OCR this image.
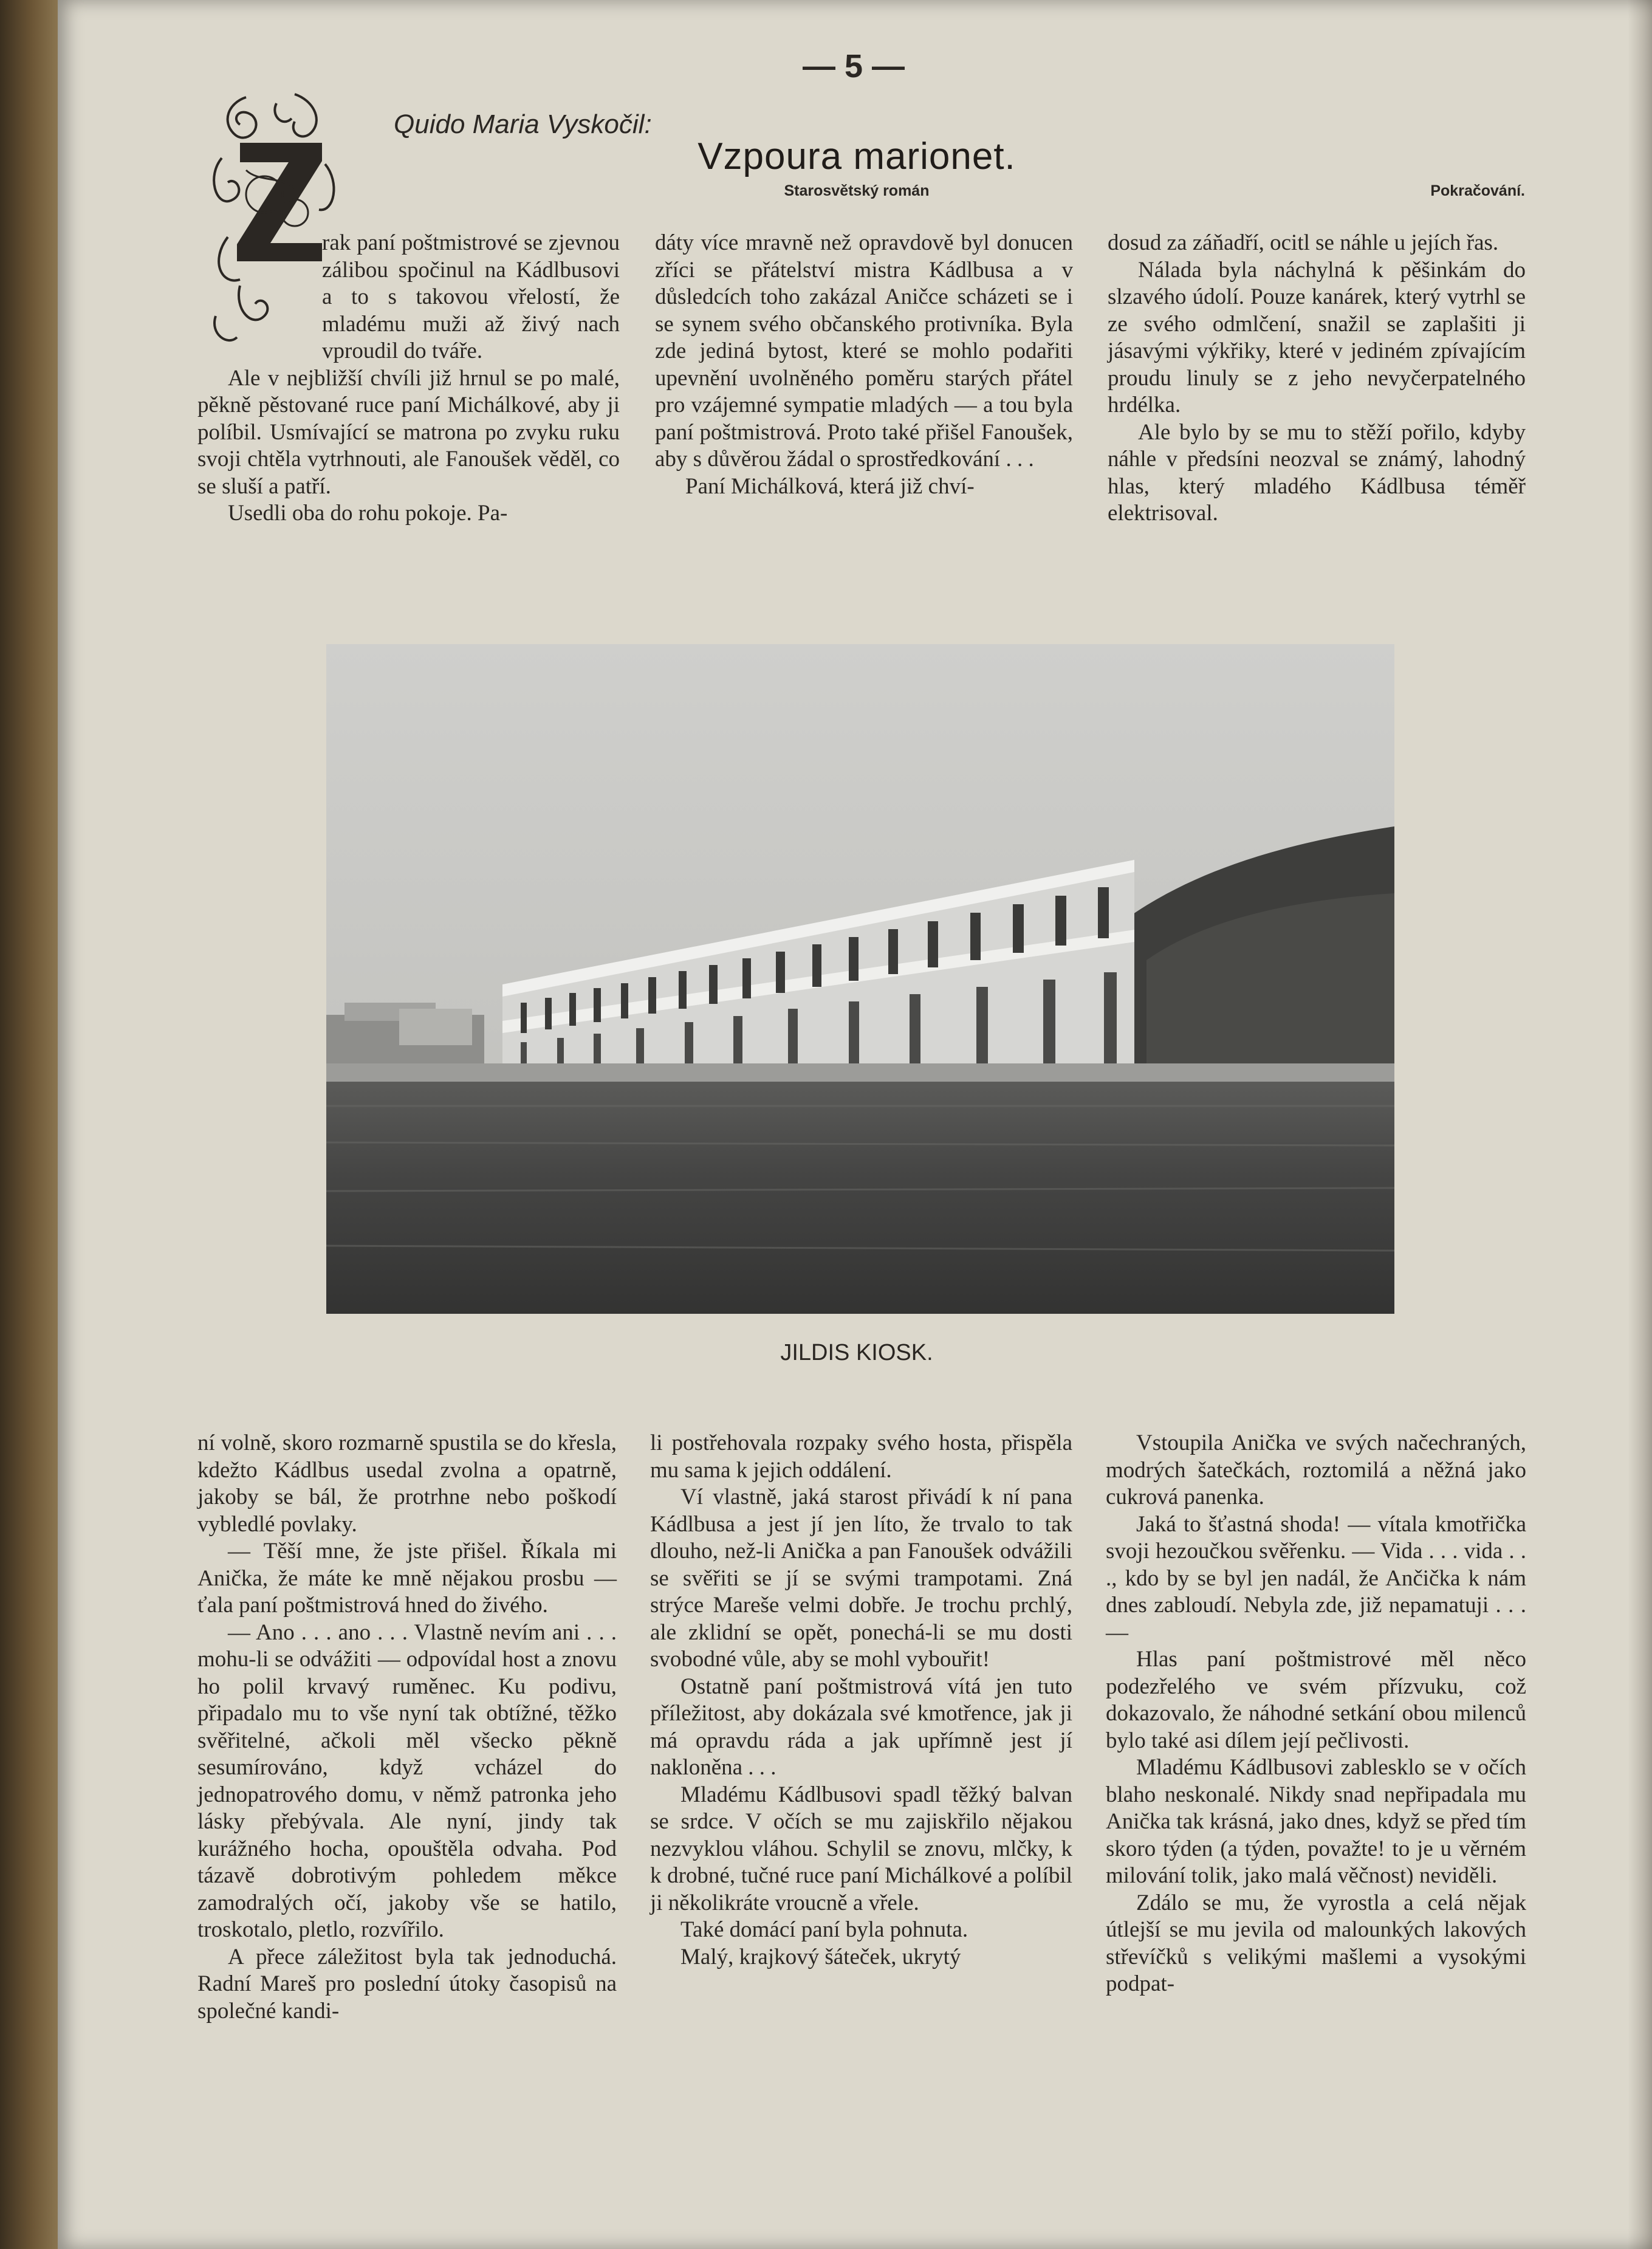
— 5 —
Quido Maria Vyskočil:
Vzpoura marionet.
Starosvětský román	Pokračování.

rak paní poštmistrové se zjevnou zálibou spočinul na Kádlbusovi a to s takovou vřelostí, že mladému muži až živý nach vproudil do tváře.

Ale v nejbližší chvíli již hrnul se po malé, pěkně pěstované ruce paní Michálkové, aby ji políbil. Usmívající se matrona po zvyku ruku svoji chtěla vytrhnouti, ale Fanoušek věděl, co se sluší a patří.

Usedli oba do rohu pokoje. Pa-

dáty více mravně než opravdově byl donucen zříci se přátelství mistra Kádlbusa a v důsledcích toho zakázal Aničce scházeti se i se synem svého občanského protivníka. Byla zde jediná bytost, které se mohlo podařiti upevnění uvolněného poměru starých přátel pro vzájemné sympatie mladých — a tou byla paní poštmistrová. Proto také přišel Fanoušek, aby s důvěrou žádal o sprostředkování . . .

Paní Michálková, která již chví-

dosud za záňadří, ocitl se náhle u jejích řas.

Nálada byla náchylná k pěšinkám do slzavého údolí. Pouze kanárek, který vytrhl se ze svého odmlčení, snažil se zaplašiti ji jásavými výkřiky, které v jediném zpívajícím proudu linuly se z jeho nevyčerpatelného hrdélka.

Ale bylo by se mu to stěží pořilo, kdyby náhle v předsíni neozval se známý, lahodný hlas, který mladého Kádlbusa téměř elektrisoval.

JILDIS KIOSK.

ní volně, skoro rozmarně spustila se do křesla, kdežto Kádlbus usedal zvolna a opatrně, jakoby se bál, že protrhne nebo poškodí vybledlé povlaky.

— Těší mne, že jste přišel. Říkala mi Anička, že máte ke mně nějakou prosbu — ťala paní poštmistrová hned do živého.

— Ano . . . ano . . . Vlastně nevím ani . . . mohu-li se odvážiti — odpovídal host a znovu ho polil krvavý ruměnec. Ku podivu, připadalo mu to vše nyní tak obtížné, těžko svěřitelné, ačkoli měl všecko pěkně sesumírováno, když vcházel do jednopatrového domu, v němž patronka jeho lásky přebývala. Ale nyní, jindy tak kurážného hocha, opouštěla odvaha. Pod tázavě dobrotivým pohledem měkce zamodralých očí, jakoby vše se hatilo, troskotalo, pletlo, rozvířilo.

A přece záležitost byla tak jednoduchá. Radní Mareš pro poslední útoky časopisů na společné kandi-

li postřehovala rozpaky svého hosta, přispěla mu sama k jejich oddálení.

Ví vlastně, jaká starost přivádí k ní pana Kádlbusa a jest jí jen líto, že trvalo to tak dlouho, než-li Anička a pan Fanoušek odvážili se svěřiti se jí se svými trampotami. Zná strýce Mareše velmi dobře. Je trochu prchlý, ale zklidní se opět, ponechá-li se mu dosti svobodné vůle, aby se mohl vybouřit!

Ostatně paní poštmistrová vítá jen tuto příležitost, aby dokázala své kmotřence, jak ji má opravdu ráda a jak upřímně jest jí nakloněna . . .

Mladému Kádlbusovi spadl těžký balvan se srdce. V očích se mu zajiskřilo nějakou nezvyklou vláhou. Schylil se znovu, mlčky, k k drobné, tučné ruce paní Michálkové a políbil ji několikráte vroucně a vřele.

Také domácí paní byla pohnuta.

Malý, krajkový šáteček, ukrytý

Vstoupila Anička ve svých načechraných, modrých šatečkách, roztomilá a něžná jako cukrová panenka.

Jaká to šťastná shoda! — vítala kmotřička svoji hezoučkou svěřenku. — Vida . . . vida . . ., kdo by se byl jen nadál, že Ančička k nám dnes zabloudí. Nebyla zde, již nepamatuji . . . —

Hlas paní poštmistrové měl něco podezřelého ve svém přízvuku, což dokazovalo, že náhodné setkání obou milenců bylo také asi dílem její pečlivosti.

Mladému Kádlbusovi zablesklo se v očích blaho neskonalé. Nikdy snad nepřipadala mu Anička tak krásná, jako dnes, když se před tím skoro týden (a týden, považte! to je u věrném milování tolik, jako malá věčnost) neviděli.

Zdálo se mu, že vyrostla a celá nějak útlejší se mu jevila od malounkých lakových střevíčků s velikými mašlemi a vysokými podpat-
